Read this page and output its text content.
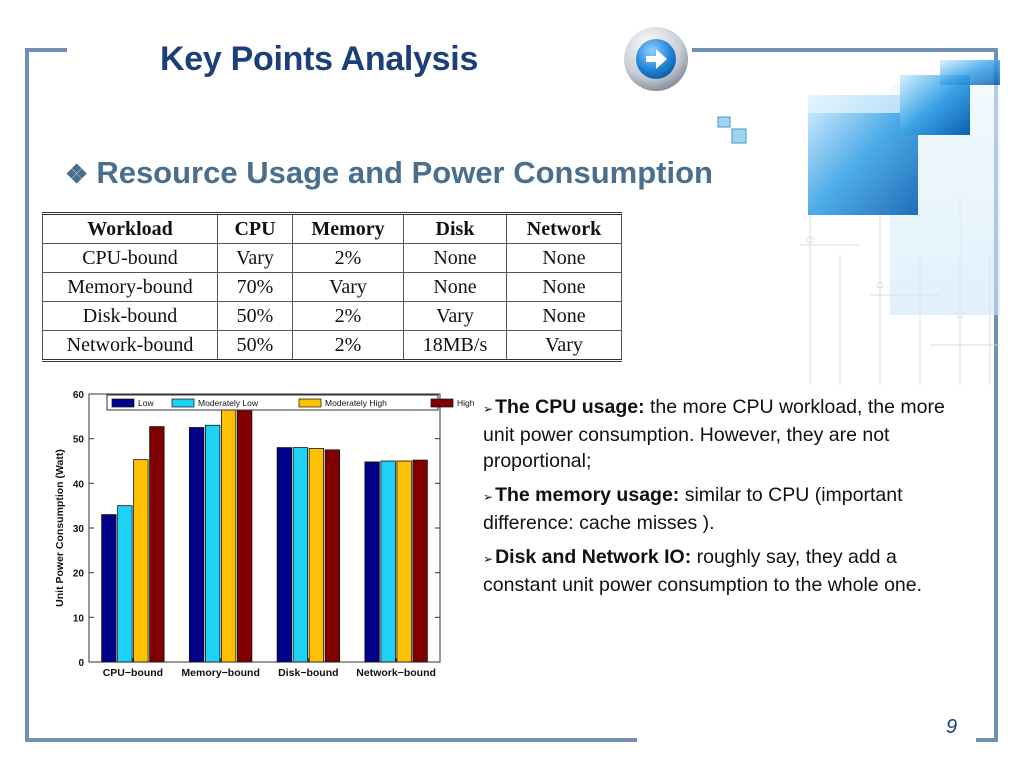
Key Points Analysis
❖ Resource Usage and Power Consumption
Workload	CPU	Memory	Disk	Network
CPU-bound	Vary	2%	None	None
Memory-bound	70%	Vary	None	None
Disk-bound	50%	2%	Vary	None
Network-bound	50%	2%	18MB/s	Vary
0
10
20
30
40
50
60
Unit Power Consumption (Watt)
CPU−bound Memory−bound Disk−bound Network−bound
Low	Moderately Low	Moderately High	High ➢ The CPU usage: the more CPU workload, the more unit power consumption. However, they are not proportional;

➢ The memory usage: similar to CPU (important difference: cache misses ).

➢ Disk and Network IO: roughly say, they add a constant unit power consumption to the whole one.

9
